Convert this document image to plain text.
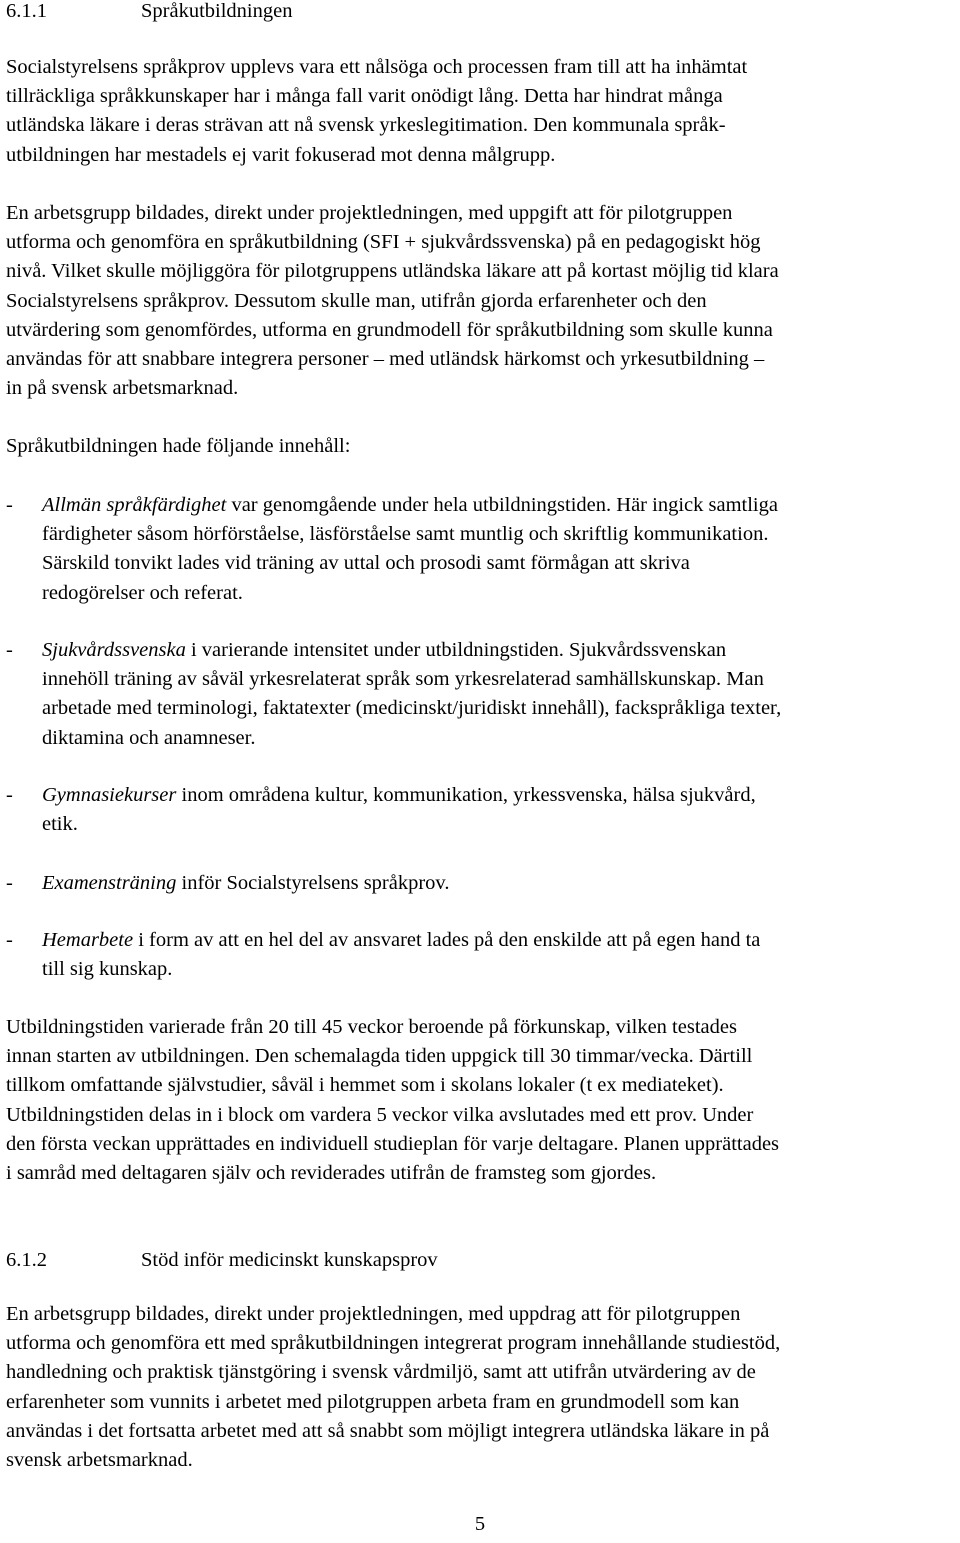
6.1.1	Språkutbildningen
Socialstyrelsens språkprov upplevs vara ett nålsöga och processen fram till att ha inhämtat
tillräckliga språkkunskaper har i många fall varit onödigt lång. Detta har hindrat många
utländska läkare i deras strävan att nå svensk yrkeslegitimation. Den kommunala språk-
utbildningen har mestadels ej varit fokuserad mot denna målgrupp.
En arbetsgrupp bildades, direkt under projektledningen, med uppgift att för pilotgruppen
utforma och genomföra en språkutbildning (SFI + sjukvårdssvenska) på en pedagogiskt hög
nivå. Vilket skulle möjliggöra för pilotgruppens utländska läkare att på kortast möjlig tid klara
Socialstyrelsens språkprov. Dessutom skulle man, utifrån gjorda erfarenheter och den
utvärdering som genomfördes, utforma en grundmodell för språkutbildning som skulle kunna
användas för att snabbare integrera personer – med utländsk härkomst och yrkesutbildning –
in på svensk arbetsmarknad.
Språkutbildningen hade följande innehåll:
- Allmän språkfärdighet var genomgående under hela utbildningstiden. Här ingick samtliga
färdigheter såsom hörförståelse, läsförståelse samt muntlig och skriftlig kommunikation.
Särskild tonvikt lades vid träning av uttal och prosodi samt förmågan att skriva
redogörelser och referat.
- Sjukvårdssvenska i varierande intensitet under utbildningstiden. Sjukvårdssvenskan
innehöll träning av såväl yrkesrelaterat språk som yrkesrelaterad samhällskunskap. Man
arbetade med terminologi, faktatexter (medicinskt/juridiskt innehåll), fackspråkliga texter,
diktamina och anamneser.
- Gymnasiekurser inom områdena kultur, kommunikation, yrkessvenska, hälsa sjukvård,
etik.
- Examensträning inför Socialstyrelsens språkprov.
- Hemarbete i form av att en hel del av ansvaret lades på den enskilde att på egen hand ta
till sig kunskap.
Utbildningstiden varierade från 20 till 45 veckor beroende på förkunskap, vilken testades
innan starten av utbildningen. Den schemalagda tiden uppgick till 30 timmar/vecka. Därtill
tillkom omfattande självstudier, såväl i hemmet som i skolans lokaler (t ex mediateket).
Utbildningstiden delas in i block om vardera 5 veckor vilka avslutades med ett prov. Under
den första veckan upprättades en individuell studieplan för varje deltagare. Planen upprättades
i samråd med deltagaren själv och reviderades utifrån de framsteg som gjordes.
6.1.2	Stöd inför medicinskt kunskapsprov
En arbetsgrupp bildades, direkt under projektledningen, med uppdrag att för pilotgruppen
utforma och genomföra ett med språkutbildningen integrerat program innehållande studiestöd,
handledning och praktisk tjänstgöring i svensk vårdmiljö, samt att utifrån utvärdering av de
erfarenheter som vunnits i arbetet med pilotgruppen arbeta fram en grundmodell som kan
användas i det fortsatta arbetet med att så snabbt som möjligt integrera utländska läkare in på
svensk arbetsmarknad.
5
